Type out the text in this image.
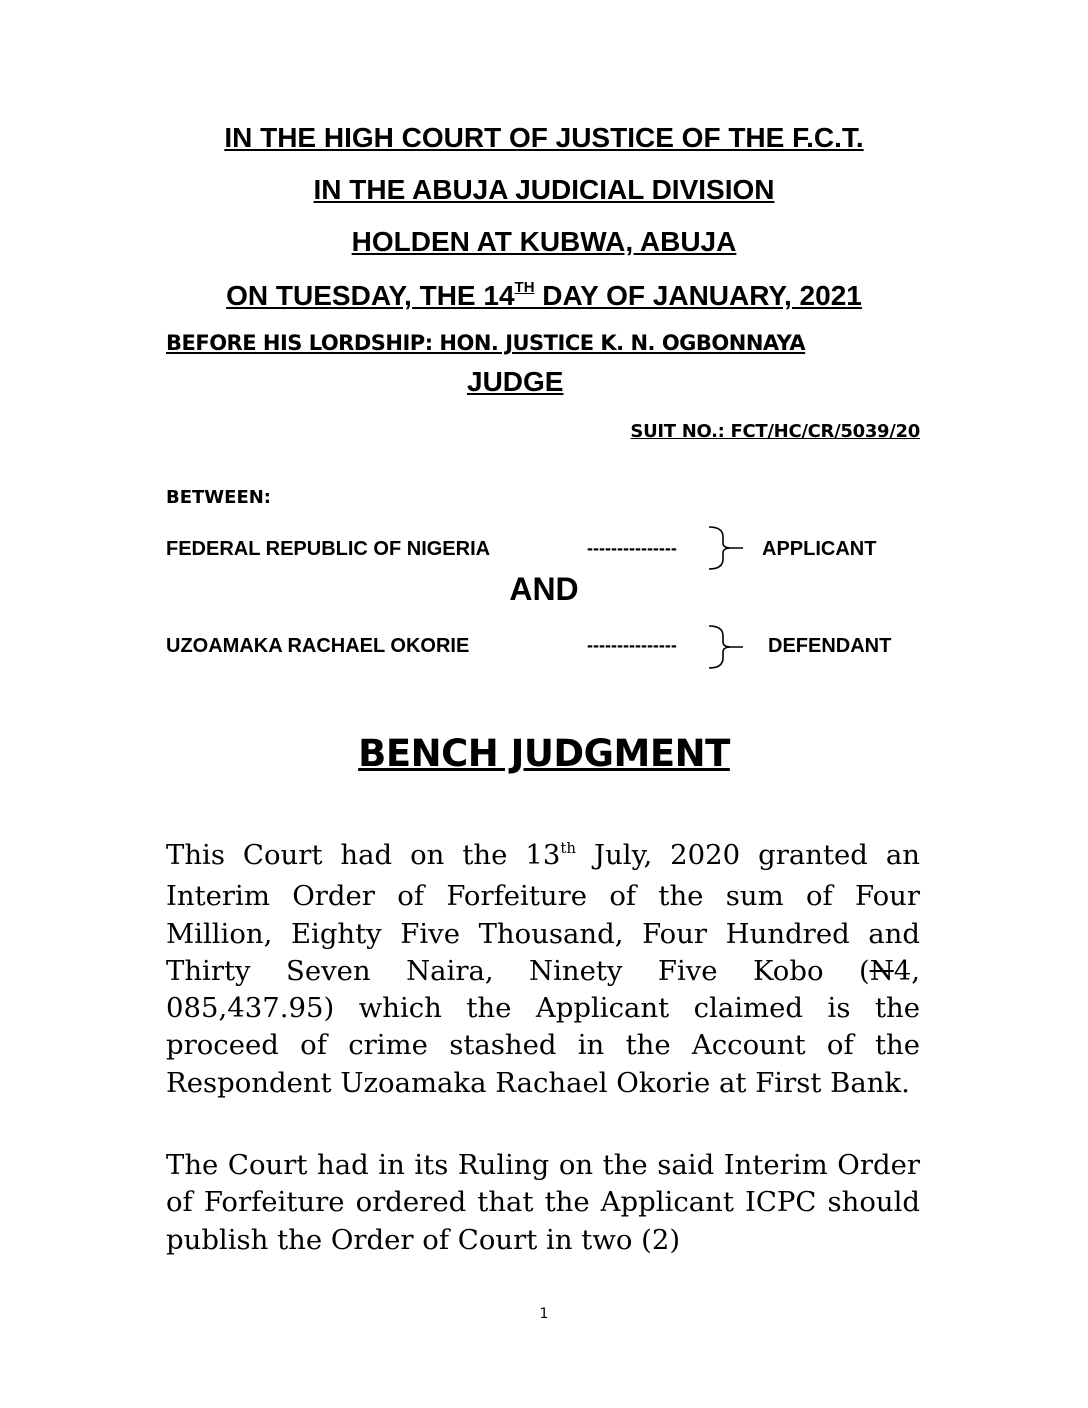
IN THE HIGH COURT OF JUSTICE OF THE F.C.T.
IN THE ABUJA JUDICIAL DIVISION
HOLDEN AT KUBWA, ABUJA
ON TUESDAY, THE 14TH DAY OF JANUARY, 2021
BEFORE HIS LORDSHIP: HON. JUSTICE K. N. OGBONNAYA
JUDGE
SUIT NO.: FCT/HC/CR/5039/20
BETWEEN:
FEDERAL REPUBLIC OF NIGERIA	---------------	APPLICANT
AND
UZOAMAKA RACHAEL OKORIE	---------------	DEFENDANT
BENCH JUDGMENT
This Court had on the 13th July, 2020 granted an Interim Order of Forfeiture of the sum of Four Million, Eighty Five Thousand, Four Hundred and Thirty Seven Naira, Ninety Five Kobo (N4, 085,437.95) which the Applicant claimed is the proceed of crime stashed in the Account of the Respondent Uzoamaka Rachael Okorie at First Bank.
The Court had in its Ruling on the said Interim Order of Forfeiture ordered that the Applicant ICPC should publish the Order of Court in two (2)
1
